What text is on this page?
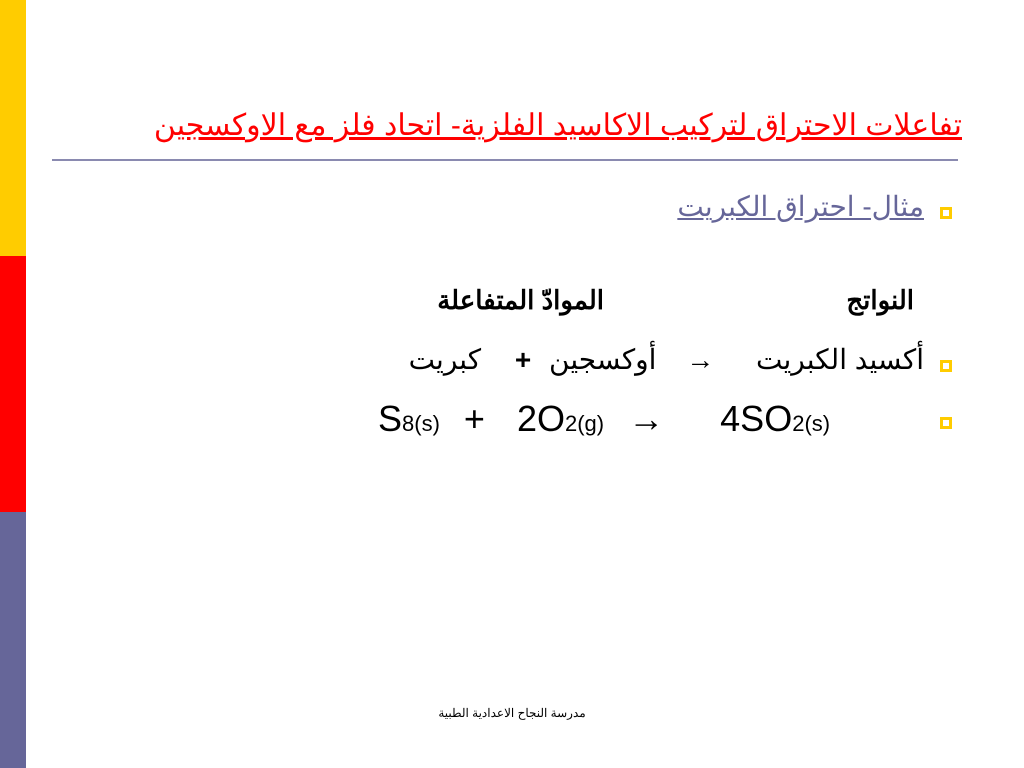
تفاعلات الاحتراق لتركيب الاكاسيد الفلزية- اتحاد فلز مع الاوكسجين
مثال- احتراق الكبريت
النواتج
الموادّ المتفاعلة
أكسيد الكبريت → أوكسجين + كبريت
S8(s) + 2O2(g) → 4SO2(s)
مدرسة النجاح الاعدادية الطبية
